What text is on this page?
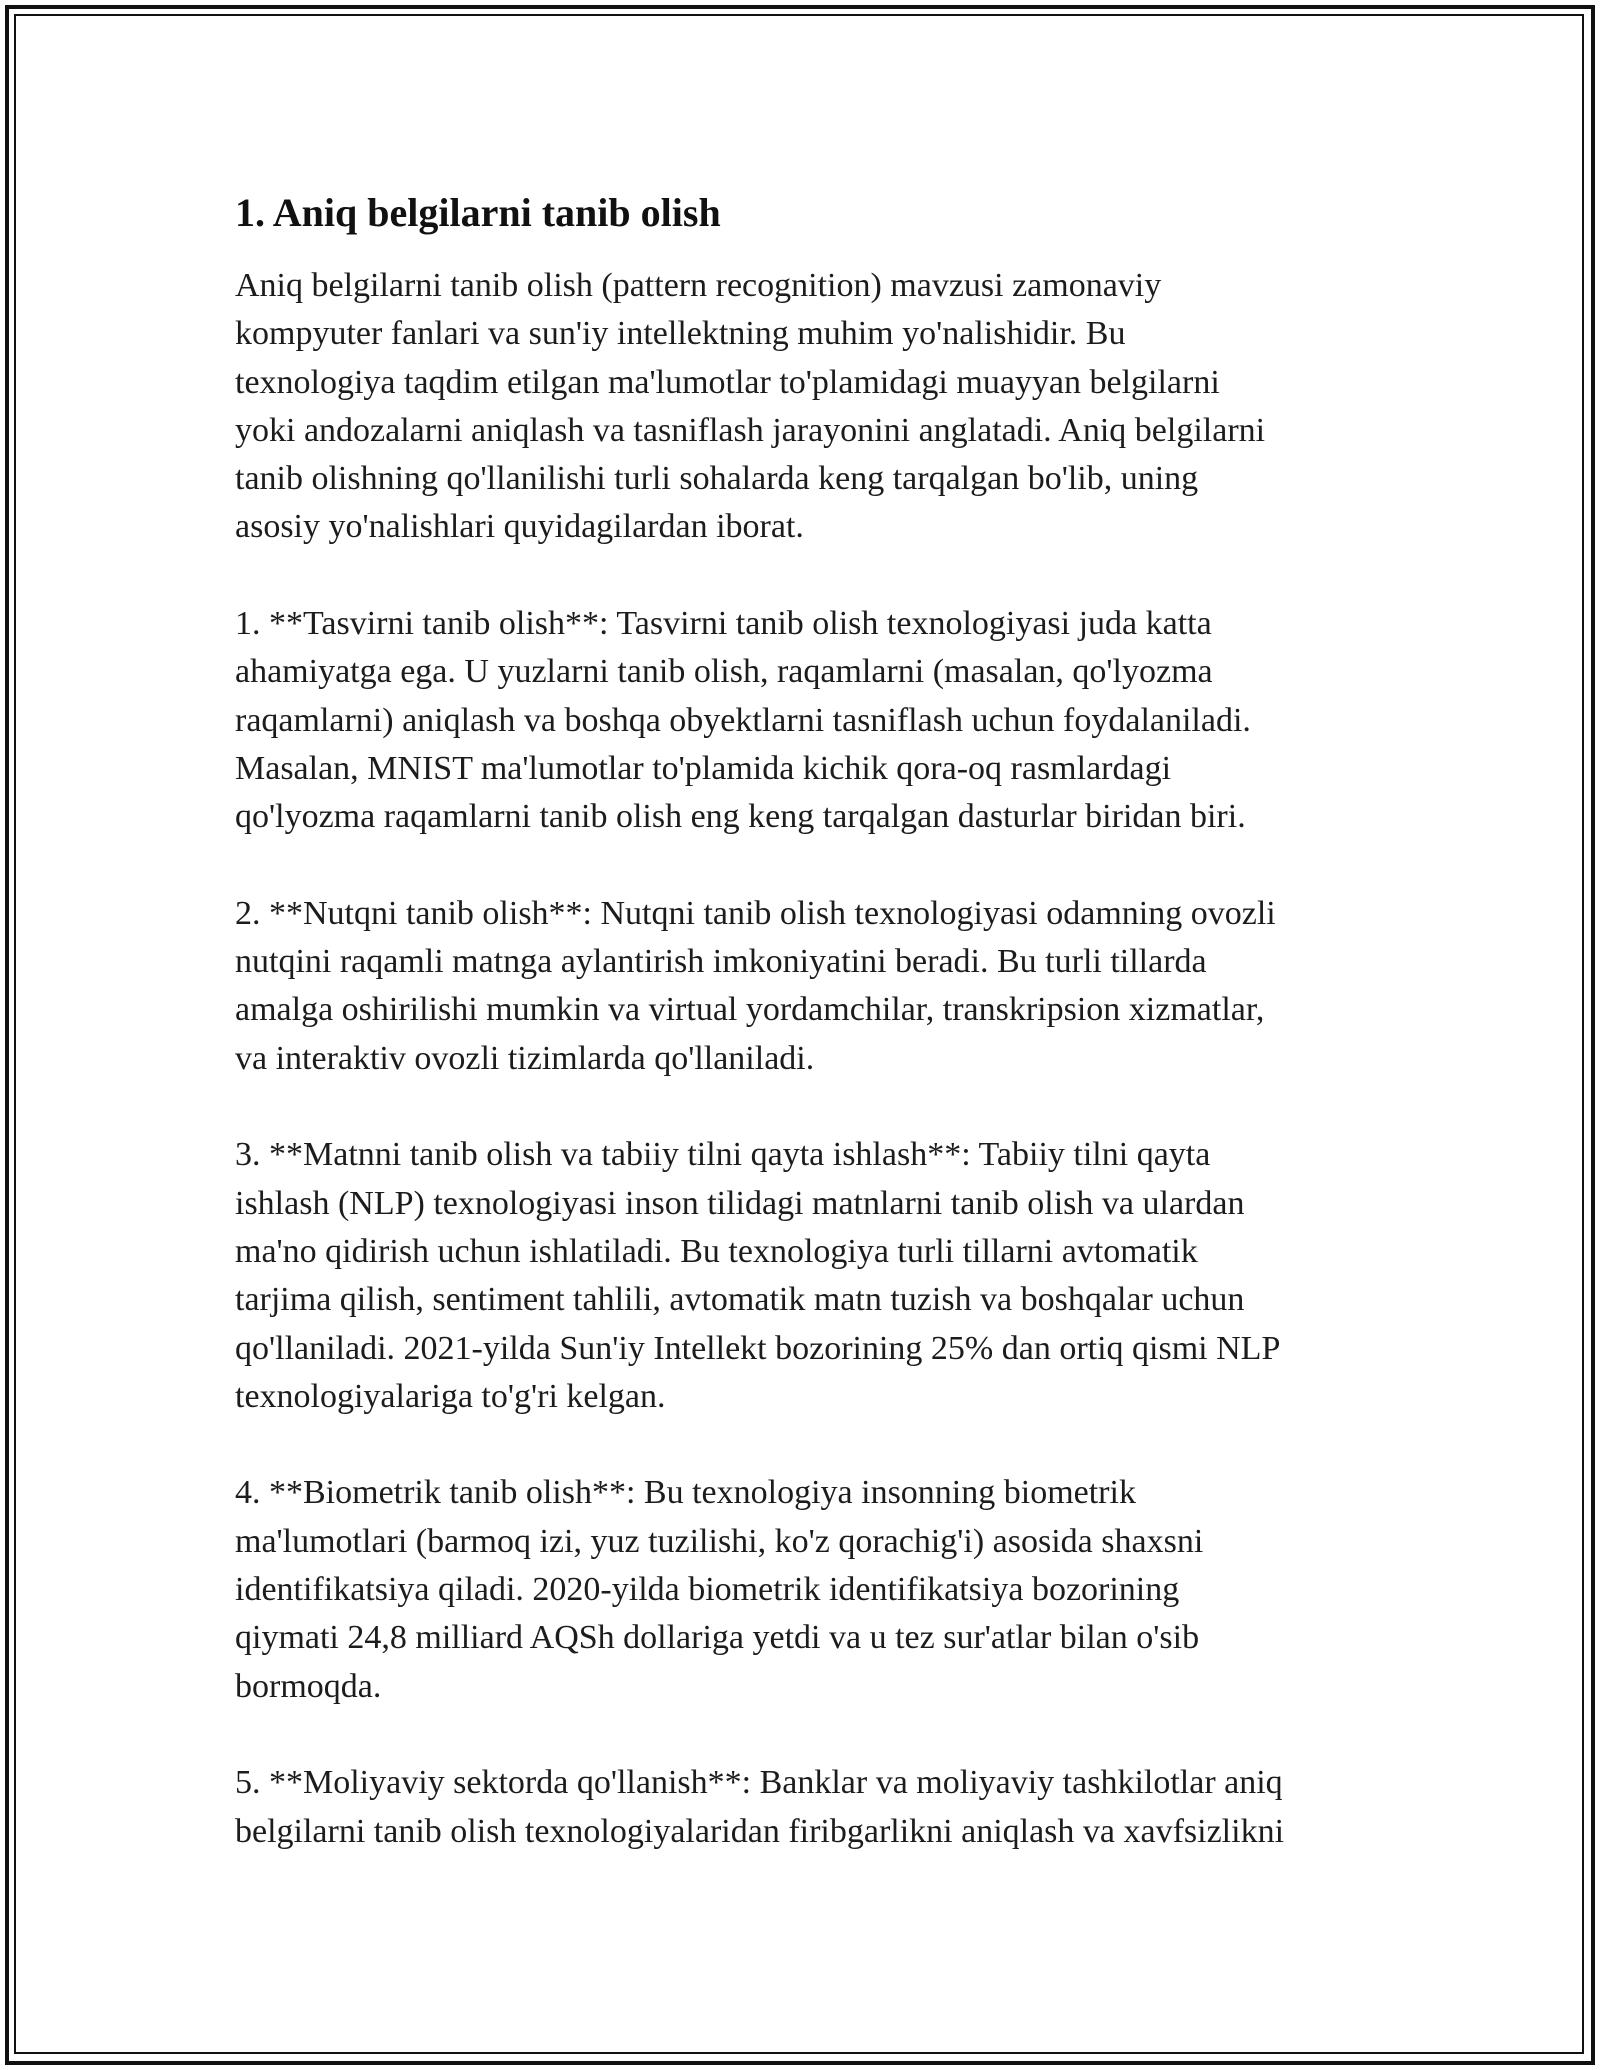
1. Aniq belgilarni tanib olish

Aniq belgilarni tanib olish (pattern recognition) mavzusi zamonaviy
kompyuter fanlari va sun'iy intellektning muhim yo'nalishidir. Bu
texnologiya taqdim etilgan ma'lumotlar to'plamidagi muayyan belgilarni
yoki andozalarni aniqlash va tasniflash jarayonini anglatadi. Aniq belgilarni
tanib olishning qo'llanilishi turli sohalarda keng tarqalgan bo'lib, uning
asosiy yo'nalishlari quyidagilardan iborat.

1. **Tasvirni tanib olish**: Tasvirni tanib olish texnologiyasi juda katta
ahamiyatga ega. U yuzlarni tanib olish, raqamlarni (masalan, qo'lyozma
raqamlarni) aniqlash va boshqa obyektlarni tasniflash uchun foydalaniladi.
Masalan, MNIST ma'lumotlar to'plamida kichik qora-oq rasmlardagi
qo'lyozma raqamlarni tanib olish eng keng tarqalgan dasturlar biridan biri.

2. **Nutqni tanib olish**: Nutqni tanib olish texnologiyasi odamning ovozli
nutqini raqamli matnga aylantirish imkoniyatini beradi. Bu turli tillarda
amalga oshirilishi mumkin va virtual yordamchilar, transkripsion xizmatlar,
va interaktiv ovozli tizimlarda qo'llaniladi.

3. **Matnni tanib olish va tabiiy tilni qayta ishlash**: Tabiiy tilni qayta
ishlash (NLP) texnologiyasi inson tilidagi matnlarni tanib olish va ulardan
ma'no qidirish uchun ishlatiladi. Bu texnologiya turli tillarni avtomatik
tarjima qilish, sentiment tahlili, avtomatik matn tuzish va boshqalar uchun
qo'llaniladi. 2021-yilda Sun'iy Intellekt bozorining 25% dan ortiq qismi NLP
texnologiyalariga to'g'ri kelgan.

4. **Biometrik tanib olish**: Bu texnologiya insonning biometrik
ma'lumotlari (barmoq izi, yuz tuzilishi, ko'z qorachig'i) asosida shaxsni
identifikatsiya qiladi. 2020-yilda biometrik identifikatsiya bozorining
qiymati 24,8 milliard AQSh dollariga yetdi va u tez sur'atlar bilan o'sib
bormoqda.

5. **Moliyaviy sektorda qo'llanish**: Banklar va moliyaviy tashkilotlar aniq
belgilarni tanib olish texnologiyalaridan firibgarlikni aniqlash va xavfsizlikni
